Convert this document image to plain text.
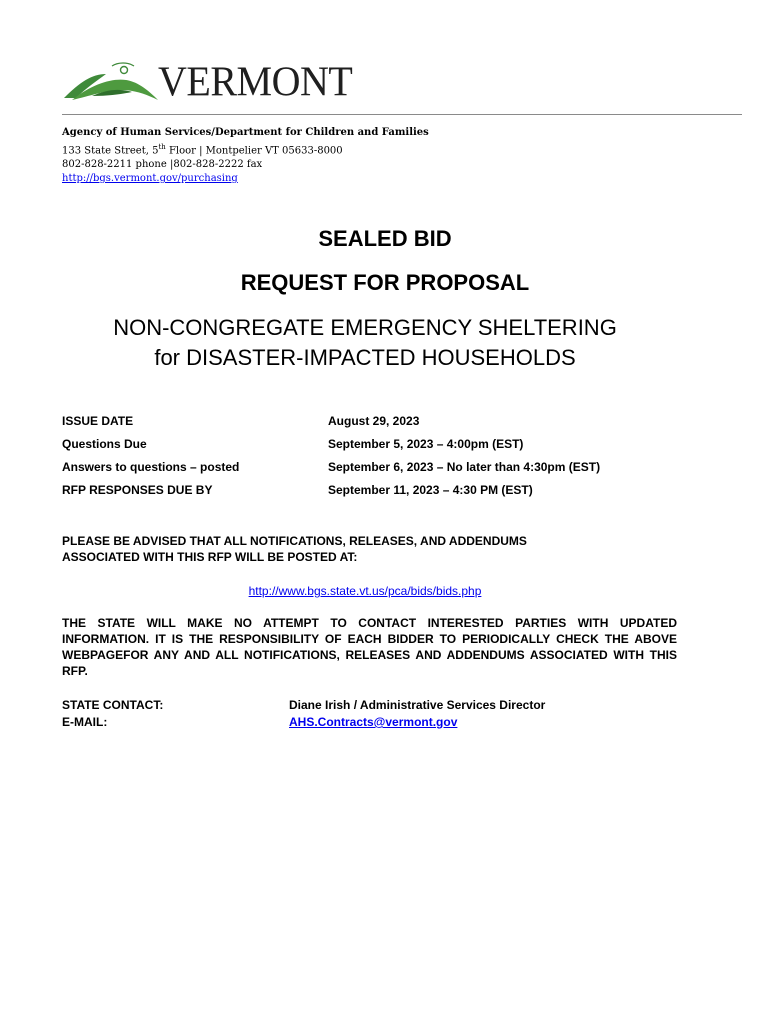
VERMONT
Agency of Human Services/Department for Children and Families
133 State Street, 5th Floor | Montpelier VT 05633-8000
802-828-2211 phone |802-828-2222 fax
http://bgs.vermont.gov/purchasing
SEALED BID
REQUEST FOR PROPOSAL
NON-CONGREGATE EMERGENCY SHELTERING
for DISASTER-IMPACTED HOUSEHOLDS
ISSUE DATE	August 29, 2023
Questions Due	September 5, 2023 – 4:00pm (EST)
Answers to questions – posted	September 6, 2023 – No later than 4:30pm (EST)
RFP RESPONSES DUE BY	September 11, 2023 – 4:30 PM (EST)
PLEASE BE ADVISED THAT ALL NOTIFICATIONS, RELEASES, AND ADDENDUMS
ASSOCIATED WITH THIS RFP WILL BE POSTED AT:
http://www.bgs.state.vt.us/pca/bids/bids.php
THE STATE WILL MAKE NO ATTEMPT TO CONTACT INTERESTED PARTIES WITH UPDATED INFORMATION. IT IS THE RESPONSIBILITY OF EACH BIDDER TO PERIODICALLY CHECK THE ABOVE WEBPAGEFOR ANY AND ALL NOTIFICATIONS, RELEASES AND ADDENDUMS ASSOCIATED WITH THIS RFP.
STATE CONTACT:	Diane Irish / Administrative Services Director
E-MAIL:	AHS.Contracts@vermont.gov
